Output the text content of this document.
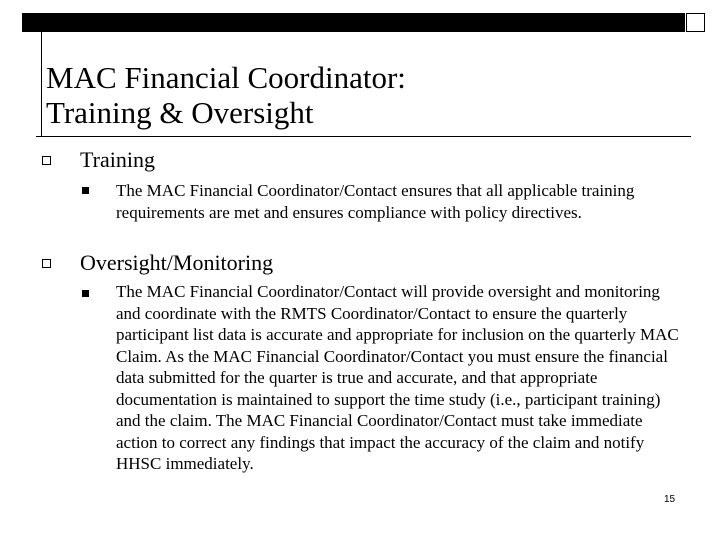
MAC Financial Coordinator:
Training & Oversight
Training

The MAC Financial Coordinator/Contact ensures that all applicable training requirements are met and ensures compliance with policy directives.

Oversight/Monitoring

The MAC Financial Coordinator/Contact will provide oversight and monitoring and coordinate with the RMTS Coordinator/Contact to ensure the quarterly participant list data is accurate and appropriate for inclusion on the quarterly MAC Claim. As the MAC Financial Coordinator/Contact you must ensure the financial data submitted for the quarter is true and accurate, and that appropriate documentation is maintained to support the time study (i.e., participant training) and the claim. The MAC Financial Coordinator/Contact must take immediate action to correct any findings that impact the accuracy of the claim and notify HHSC immediately.

15
